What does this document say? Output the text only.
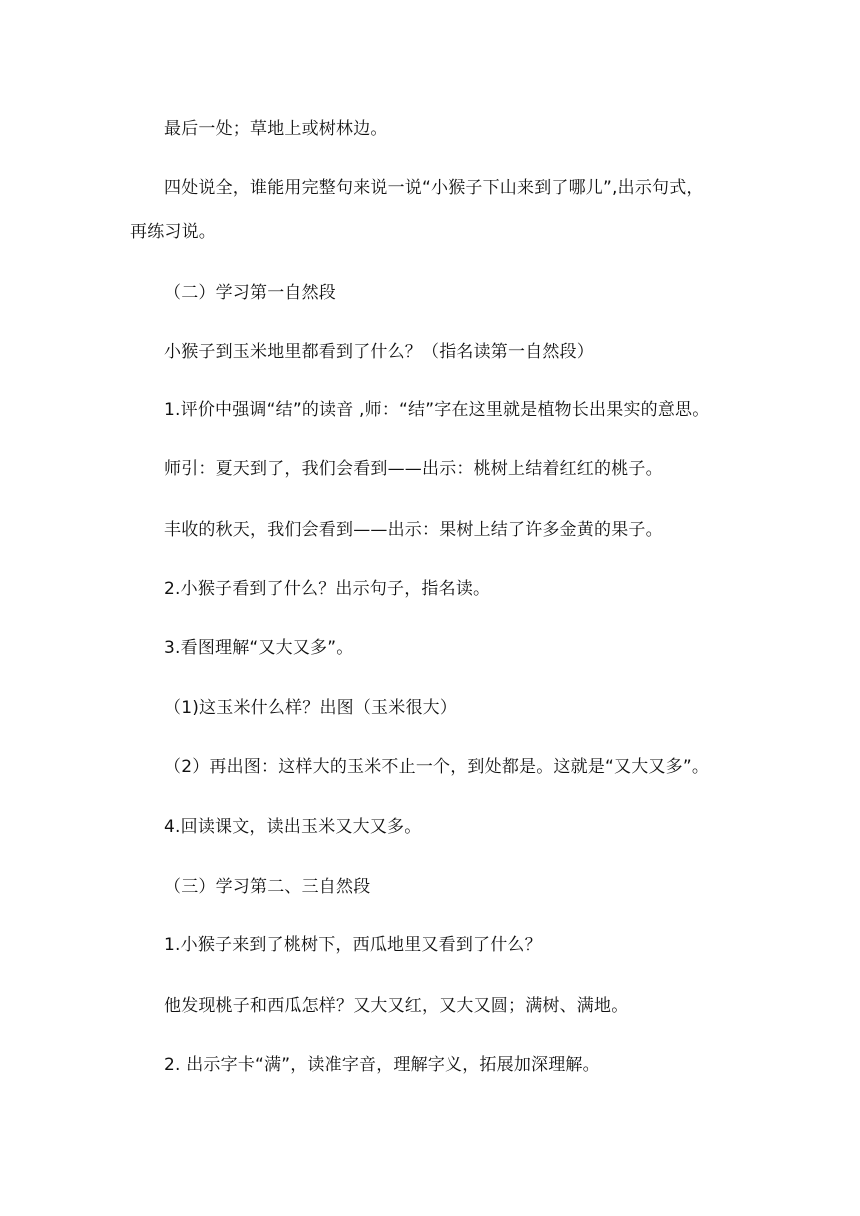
最后一处；草地上或树林边。
四处说全，谁能用完整句来说一说“小猴子下山来到了哪儿”,出示句式，
再练习说。
（二）学习第一自然段
小猴子到玉米地里都看到了什么？（指名读第一自然段）
1.评价中强调“结”的读音 ,师：“结”字在这里就是植物长出果实的意思。
师引：夏天到了，我们会看到——出示：桃树上结着红红的桃子。
丰收的秋天，我们会看到——出示：果树上结了许多金黄的果子。
2.小猴子看到了什么？出示句子，指名读。
3.看图理解“又大又多”。
（1)这玉米什么样？出图（玉米很大）
（2）再出图：这样大的玉米不止一个，到处都是。这就是“又大又多”。
4.回读课文，读出玉米又大又多。
（三）学习第二、三自然段
1.小猴子来到了桃树下，西瓜地里又看到了什么？
他发现桃子和西瓜怎样？又大又红，又大又圆；满树、满地。
2. 出示字卡“满”，读准字音，理解字义，拓展加深理解。
